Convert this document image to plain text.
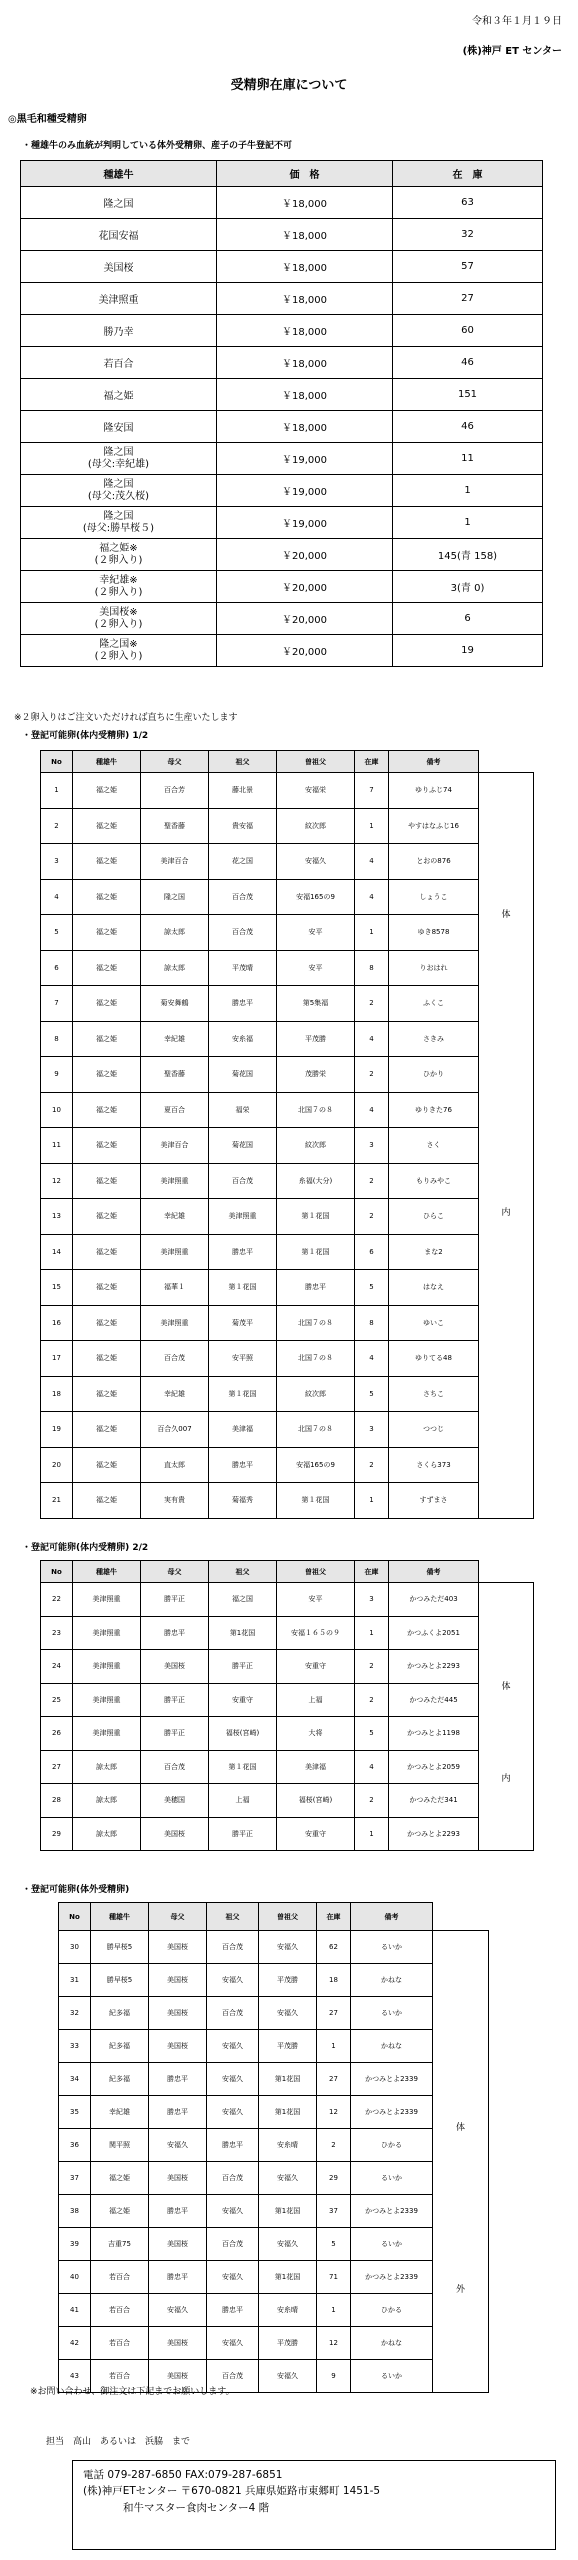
令和３年１月１９日
(株)神戸 ET センター
受精卵在庫について
◎黒毛和種受精卵
・種雄牛のみ血統が判明している体外受精卵、産子の子牛登記不可
種雄牛	価　格	在　庫
隆之国	￥18,000	63
花国安福	￥18,000	32
美国桜	￥18,000	57
美津照重	￥18,000	27
勝乃幸	￥18,000	60
若百合	￥18,000	46
福之姫	￥18,000	151
隆安国	￥18,000	46
隆之国
(母父:幸紀雄)	￥19,000	11
隆之国
(母父:茂久桜)	￥19,000	1
隆之国
(母父:勝早桜５)	￥19,000	1
福之姫※
(２卵入り)	￥20,000	145(青 158)
幸紀雄※
(２卵入り)	￥20,000	3(青 0)
美国桜※
(２卵入り)	￥20,000	6
隆之国※
(２卵入り)	￥20,000	19
※２卵入りはご注文いただければ直ちに生産いたします
・登記可能卵(体内受精卵) 1/2
No	種雄牛	母父	祖父	曽祖父	在庫	備考	
1	福之姫	百合芳	藤北景	安福栄	7	ゆりふじ74	体
内

2	福之姫	聖香藤	貴安福	紋次郎	1	やすはなふじ16	
3	福之姫	美津百合	花之国	安福久	4	とおの876	
4	福之姫	隆之国	百合茂	安福165の9	4	しょうこ	
5	福之姫	諒太郎	百合茂	安平	1	ゆき8578	
6	福之姫	諒太郎	平茂晴	安平	8	りおはれ	
7	福之姫	菊安舞鶴	勝忠平	第5集福	2	ふくこ	
8	福之姫	幸紀雄	安糸福	平茂勝	4	さきみ	
9	福之姫	聖香藤	菊花国	茂勝栄	2	ひかり	
10	福之姫	夏百合	福栄	北国７の８	4	ゆりきた76	
11	福之姫	美津百合	菊花国	紋次郎	3	さく	
12	福之姫	美津照重	百合茂	糸福(大分)	2	もりみやこ	
13	福之姫	幸紀雄	美津照重	第１花国	2	ひらこ	
14	福之姫	美津照重	勝忠平	第１花国	6	まな2	
15	福之姫	福華１	第１花国	勝忠平	5	はなえ	
16	福之姫	美津照重	菊茂平	北国７の８	8	ゆいこ	
17	福之姫	百合茂	安平照	北国７の８	4	ゆりてる48	
18	福之姫	幸紀雄	第１花国	紋次郎	5	さちこ	
19	福之姫	百合久007	美津福	北国７の８	3	つつじ	
20	福之姫	直太郎	勝忠平	安福165の9	2	さくら373	
21	福之姫	実有貴	菊福秀	第１花国	1	すずまさ	
・登記可能卵(体内受精卵) 2/2
No	種雄牛	母父	祖父	曽祖父	在庫	備考	
22	美津照重	勝平正	福之国	安平	3	かつみただ403	体
内

23	美津照重	勝忠平	第1花国	安福１６５の９	1	かつふくよ2051	
24	美津照重	美国桜	勝平正	安重守	2	かつみとよ2293	
25	美津照重	勝平正	安重守	上福	2	かつみただ445	
26	美津照重	勝平正	福桜(宮崎)	大将	5	かつみとよ1198	
27	諒太郎	百合茂	第１花国	美津福	4	かつみとよ2059	
28	諒太郎	美穂国	上福	福桜(宮崎)	2	かつみただ341	
29	諒太郎	美国桜	勝平正	安重守	1	かつみとよ2293	
・登記可能卵(体外受精卵)
No	種雄牛	母父	祖父	曽祖父	在庫	備考	
30	勝早桜5	美国桜	百合茂	安福久	62	るいか	体
外

31	勝早桜5	美国桜	安福久	平茂勝	18	かねな	
32	紀多福	美国桜	百合茂	安福久	27	るいか	
33	紀多福	美国桜	安福久	平茂勝	1	かねな	
34	紀多福	勝忠平	安福久	第1花国	27	かつみとよ2339	
35	幸紀雄	勝忠平	安福久	第1花国	12	かつみとよ2339	
36	関平照	安福久	勝忠平	安糸晴	2	ひかる	
37	福之姫	美国桜	百合茂	安福久	29	るいか	
38	福之姫	勝忠平	安福久	第1花国	37	かつみとよ2339	
39	吉重75	美国桜	百合茂	安福久	5	るいか	
40	若百合	勝忠平	安福久	第1花国	71	かつみとよ2339	
41	若百合	安福久	勝忠平	安糸晴	1	ひかる	
42	若百合	美国桜	安福久	平茂勝	12	かねな	
43	若百合	美国桜	百合茂	安福久	9	るいか	
※お問い合わせ、御注文は下記までお願いします。
担当　高山　あるいは　浜脇　まで
電話 079-287-6850 FAX:079-287-6851
(株)神戸ETセンター 〒670-0821 兵庫県姫路市東郷町 1451-5
和牛マスター食肉センター4 階
